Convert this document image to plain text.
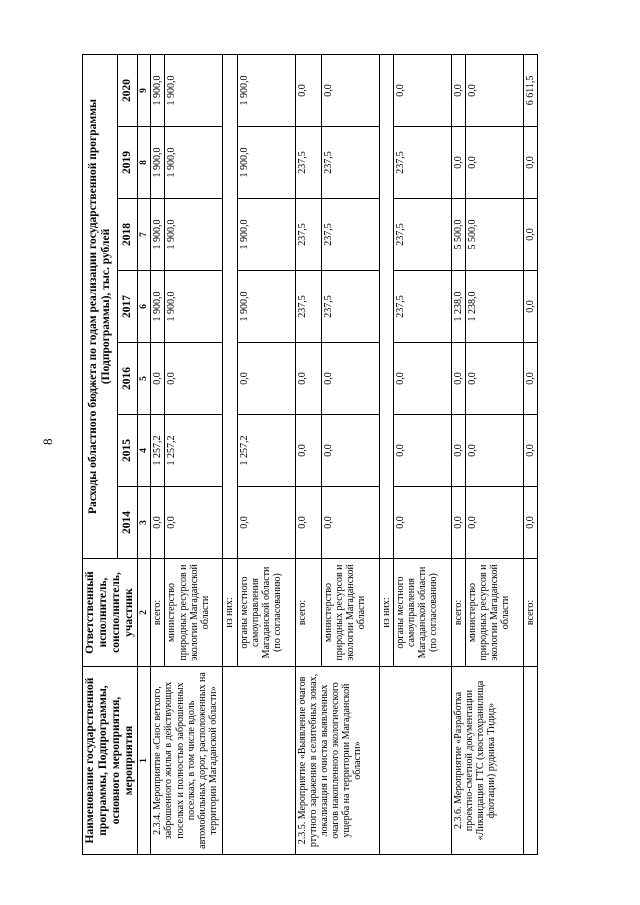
8
Наименование государственной программы, Подпрограммы, основного мероприятия, мероприятия	Ответственный исполнитель, соисполнитель, участник	Расходы областного бюджета по годам реализации государственной программы (Подпрограммы), тыс. рублей						
		2014	2015	2016	2017	2018	2019	2020
1	2	3	4	5	6	7	8	9
2.3.4. Мероприятие «Снос ветхого, заброшенного жилья в действующих поселках и полностью заброшенных поселках, в том числе вдоль автомобильных дорог, расположенных на территории Магаданской области»	всего:	0,0	1 257,2	0,0	1 900,0	1 900,0	1 900,0	1 900,0
	министерство природных ресурсов и экологии Магаданской области	0,0	1 257,2	0,0	1 900,0	1 900,0	1 900,0	1 900,0
	из них:							
	органы местного самоуправления Магаданской области (по согласованию)	0,0	1 257,2	0,0	1 900,0	1 900,0	1 900,0	1 900,0
2.3.5. Мероприятие «Выявление очагов ртутного заражения в селитебных зонах, локализация и очистка выявленных очагов накопленного экологического ущерба на территории Магаданской области»	всего:	0,0	0,0	0,0	237,5	237,5	237,5	0,0
	министерство природных ресурсов и экологии Магаданской области	0,0	0,0	0,0	237,5	237,5	237,5	0,0
	из них:							
	органы местного самоуправления Магаданской области (по согласованию)	0,0	0,0	0,0	237,5	237,5	237,5	0,0
2.3.6. Мероприятие «Разработка проектно-сметной документации «Ликвидация ГТС (хвостохранилища флотации) рудника Тидид»	всего:	0,0	0,0	0,0	1 238,0	5 500,0	0,0	0,0
	министерство природных ресурсов и экологии Магаданской области	0,0	0,0	0,0	1 238,0	5 500,0	0,0	0,0
	всего:	0,0	0,0	0,0	0,0	0,0	0,0	6 611,5
